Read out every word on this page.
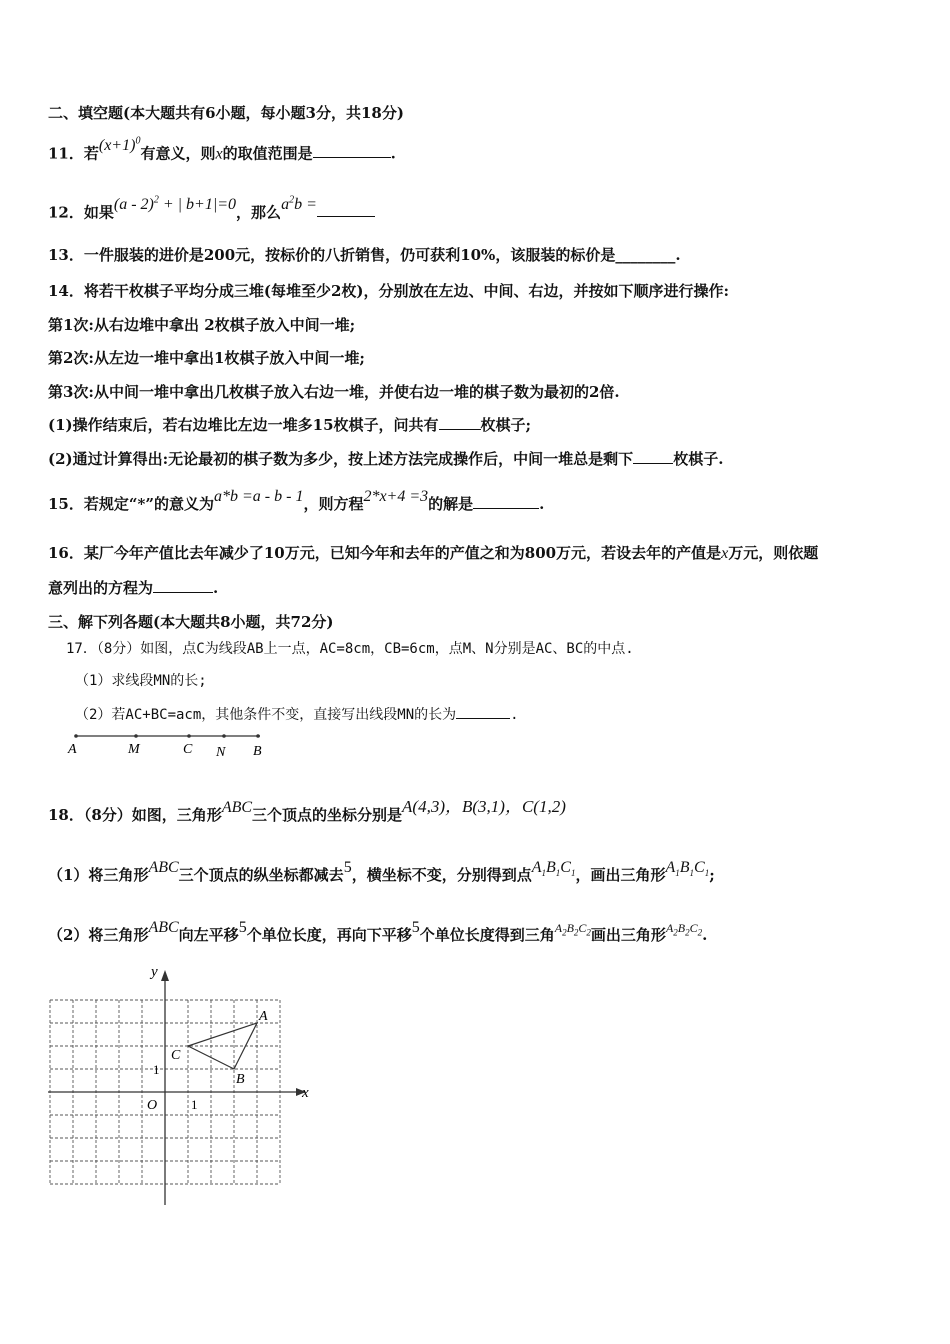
二、填空题(本大题共有6小题，每小题3分，共18分)
11．若$(x+1)^0$有意义，则x的取值范围是	.
12．如果(a - 2)$^2$ + | b+1|=0，那么$a^2b$ =
13．一件服装的进价是200元，按标价的八折销售，仍可获利10%，该服装的标价是________.
14．将若干枚棋子平均分成三堆(每堆至少2枚)，分别放在左边、中间、右边，并按如下顺序进行操作:
第1次:从右边堆中拿出 2枚棋子放入中间一堆;
第2次:从左边一堆中拿出1枚棋子放入中间一堆;
第3次:从中间一堆中拿出几枚棋子放入右边一堆，并使右边一堆的棋子数为最初的2倍.
(1)操作结束后，若右边堆比左边一堆多15枚棋子，问共有	枚棋子;
(2)通过计算得出:无论最初的棋子数为多少，按上述方法完成操作后，中间一堆总是剩下	枚棋子.
15．若规定“*”的意义为a*b =a - b - 1，则方程2*x+4 =3的解是	.
16．某厂今年产值比去年减少了10万元，已知今年和去年的产值之和为800万元，若设去年的产值是x万元，则依题
意列出的方程为	.
三、解下列各题(本大题共8小题，共72分)
17．（8分）如图，点C为线段AB上一点，AC=8cm，CB=6cm，点M、N分别是AC、BC的中点.
（1）求线段MN的长;
（2）若AC+BC=acm，其他条件不变，直接写出线段MN的长为	.
A	M	C N B
18．（8分）如图，三角形ABC三个顶点的坐标分别是A(4,3)，B(3,1)，C(1,2)
（1）将三角形ABC三个顶点的纵坐标都减去5，横坐标不变，分别得到点$A_1B_1C_1$，画出三角形$A_1B_1C_1$;
（2）将三角形ABC向左平移5个单位长度，再向下平移5个单位长度得到三角$^{A_2B_2C_2}$画出三角形$^{A_2B_2C_2}$.
x
y
O	1
1
A
B
C
